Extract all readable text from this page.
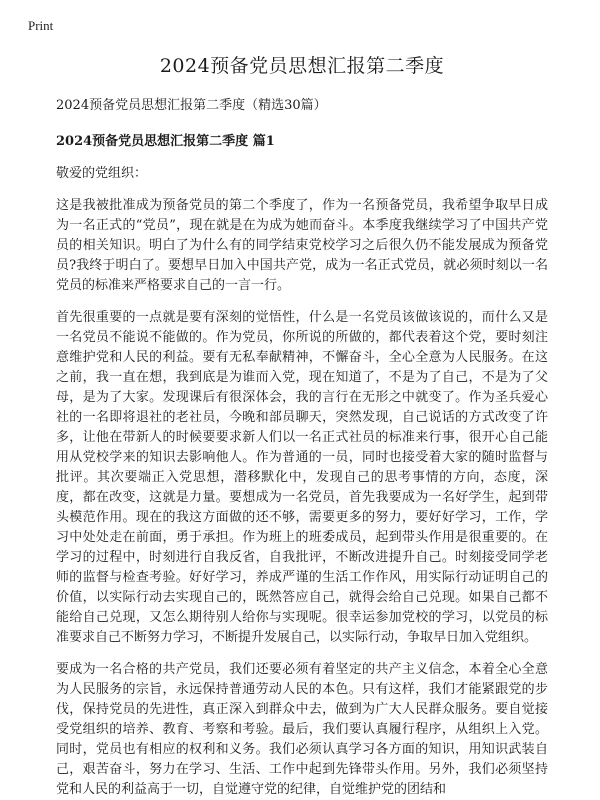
Print
2024预备党员思想汇报第二季度

2024预备党员思想汇报第二季度（精选30篇）

2024预备党员思想汇报第二季度 篇1

敬爱的党组织：

这是我被批准成为预备党员的第二个季度了，作为一名预备党员，我希望争取早日成为一名正式的“党员”，现在就是在为成为她而奋斗。本季度我继续学习了中国共产党员的相关知识。明白了为什么有的同学结束党校学习之后很久仍不能发展成为预备党员?我终于明白了。要想早日加入中国共产党，成为一名正式党员，就必须时刻以一名党员的标准来严格要求自己的一言一行。

首先很重要的一点就是要有深刻的觉悟性，什么是一名党员该做该说的，而什么又是一名党员不能说不能做的。作为党员，你所说的所做的，都代表着这个党，要时刻注意维护党和人民的利益。要有无私奉献精神，不懈奋斗，全心全意为人民服务。在这之前，我一直在想，我到底是为谁而入党，现在知道了，不是为了自己，不是为了父母，是为了大家。发现课后有很深体会，我的言行在无形之中就变了。作为圣兵爱心社的一名即将退社的老社员，今晚和部员聊天，突然发现，自己说话的方式改变了许多，让他在带新人的时候要要求新人们以一名正式社员的标准来行事，很开心自己能用从党校学来的知识去影响他人。作为普通的一员，同时也接受着大家的随时监督与批评。其次要端正入党思想，潜移默化中，发现自己的思考事情的方向，态度，深度，都在改变，这就是力量。要想成为一名党员，首先我要成为一名好学生，起到带头模范作用。现在的我这方面做的还不够，需要更多的努力，要好好学习，工作，学习中处处走在前面，勇于承担。作为班上的班委成员，起到带头作用是很重要的。在学习的过程中，时刻进行自我反省，自我批评，不断改进提升自己。时刻接受同学老师的监督与检查考验。好好学习，养成严谨的生活工作作风，用实际行动证明自己的价值，以实际行动去实现自己的，既然答应自己，就得会给自己兑现。如果自己都不能给自己兑现，又怎么期待别人给你与实现呢。很幸运参加党校的学习，以党员的标准要求自己不断努力学习，不断提升发展自己，以实际行动，争取早日加入党组织。

要成为一名合格的共产党员，我们还要必须有着坚定的共产主义信念，本着全心全意为人民服务的宗旨，永远保持普通劳动人民的本色。只有这样，我们才能紧跟党的步伐，保持党员的先进性，真正深入到群众中去，做到为广大人民群众服务。要自觉接受党组织的培养、教育、考察和考验。最后，我们要认真履行程序，从组织上入党。同时，党员也有相应的权利和义务。我们必须认真学习各方面的知识，用知识武装自己，艰苦奋斗，努力在学习、生活、工作中起到先锋带头作用。另外，我们必须坚持党和人民的利益高于一切，自觉遵守党的纪律，自觉维护党的团结和
